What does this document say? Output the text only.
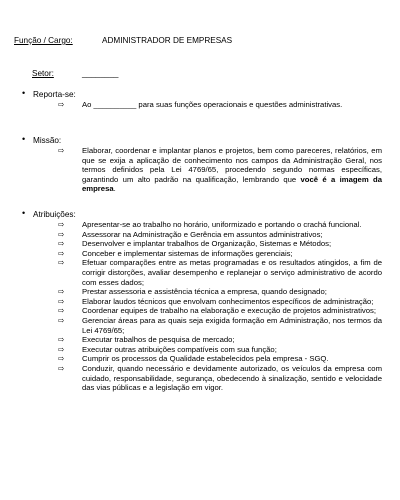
Função / Cargo:	ADMINISTRADOR DE EMPRESAS
Setor:	________
• Reporta-se:
⇨ Ao __________ para suas funções operacionais e questões administrativas.
• Missão:
⇨ Elaborar, coordenar e implantar planos e projetos, bem como pareceres, relatórios, em que se exija a aplicação de conhecimento nos campos da Administração Geral, nos termos definidos pela Lei 4769/65, procedendo segundo normas específicas, garantindo um alto padrão na qualificação, lembrando que você é a imagem da empresa.
• Atribuições:
⇨ Apresentar-se ao trabalho no horário, uniformizado e portando o crachá funcional.
⇨ Assessorar na Administração e Gerência em assuntos administrativos;
⇨ Desenvolver e implantar trabalhos de Organização, Sistemas e Métodos;
⇨ Conceber e implementar sistemas de informações gerenciais;
⇨ Efetuar comparações entre as metas programadas e os resultados atingidos, a fim de corrigir distorções, avaliar desempenho e replanejar o serviço administrativo de acordo com esses dados;
⇨ Prestar assessoria e assistência técnica a empresa, quando designado;
⇨ Elaborar laudos técnicos que envolvam conhecimentos específicos de administração;
⇨ Coordenar equipes de trabalho na elaboração e execução de projetos administrativos;
⇨ Gerenciar áreas para as quais seja exigida formação em Administração, nos termos da Lei 4769/65;
⇨ Executar trabalhos de pesquisa de mercado;
⇨ Executar outras atribuições compatíveis com sua função;
⇨ Cumprir os processos da Qualidade estabelecidos pela empresa - SGQ.
⇨ Conduzir, quando necessário e devidamente autorizado, os veículos da empresa com cuidado, responsabilidade, segurança, obedecendo à sinalização, sentido e velocidade das vias públicas e a legislação em vigor.
